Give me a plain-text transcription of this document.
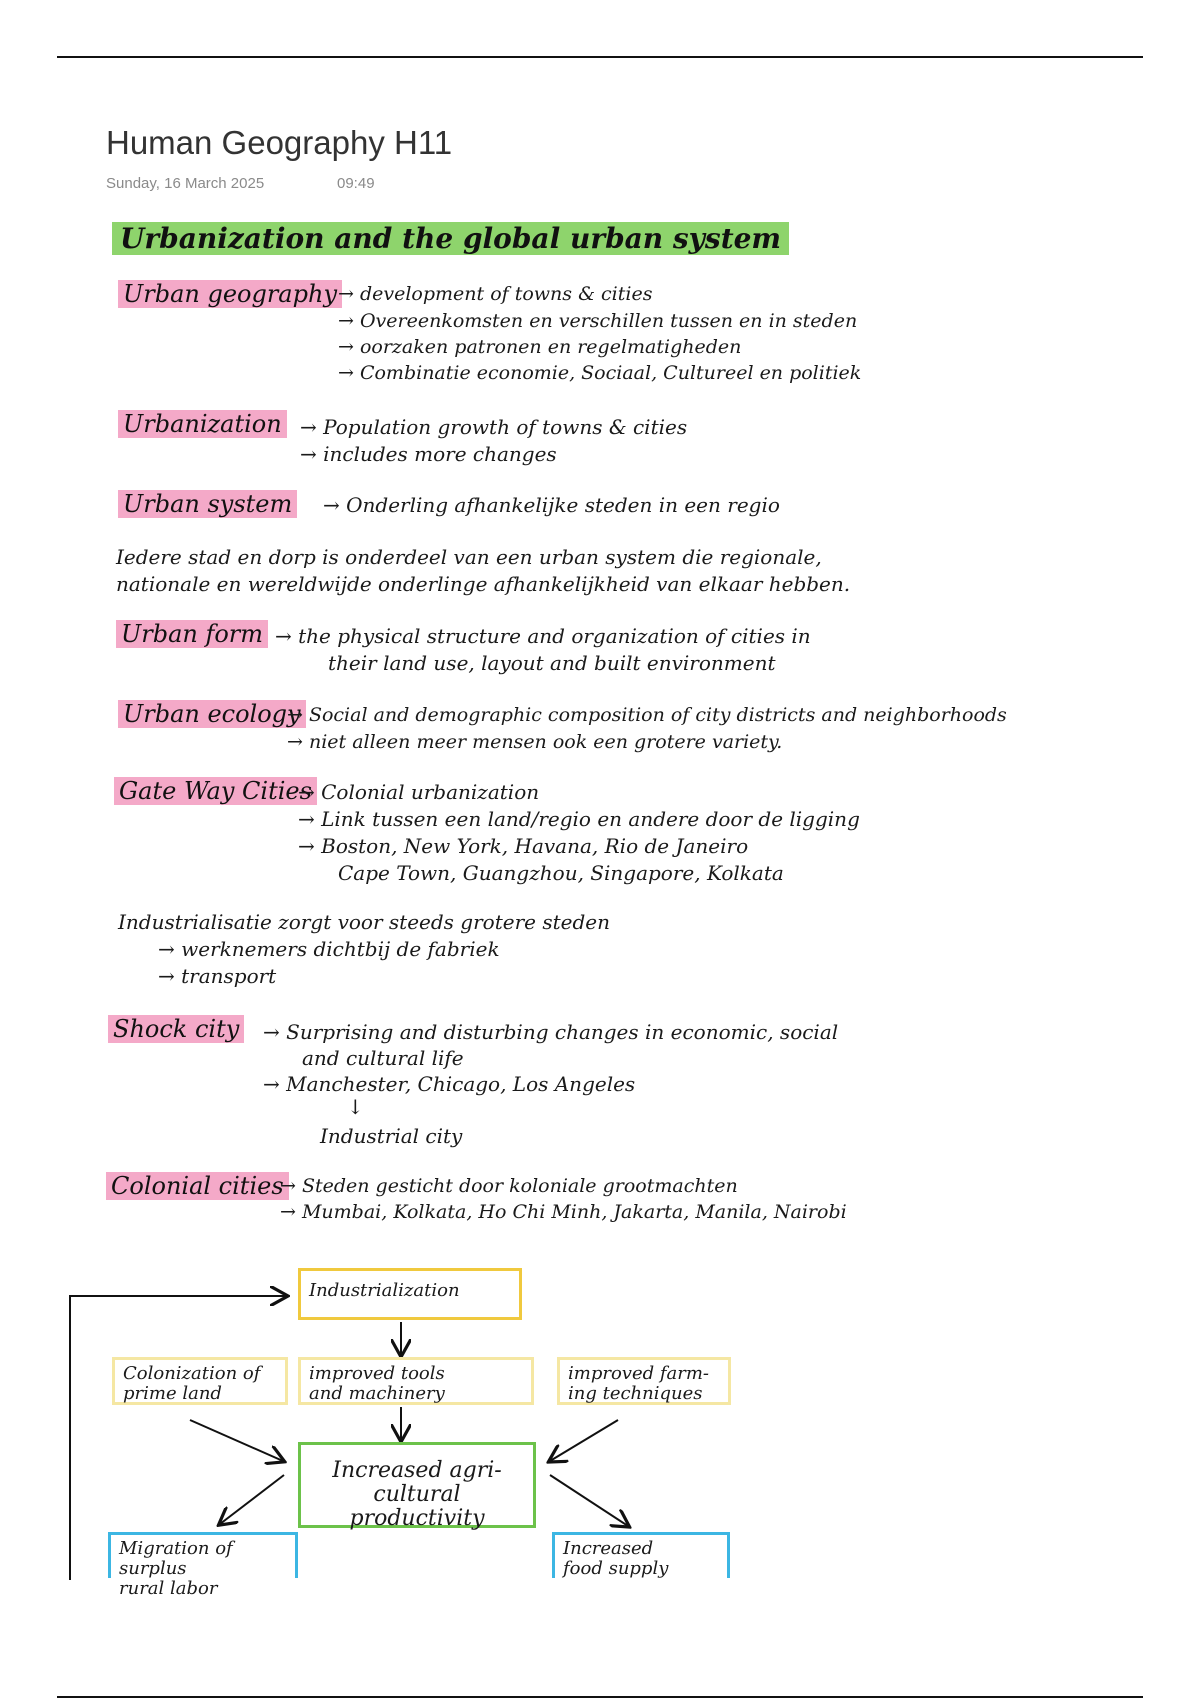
Human Geography H11
Sunday, 16 March 2025	09:49
Urbanization and the global urban system
Urban geography → development of towns & cities
→ Overeenkomsten en verschillen tussen en in steden
→ oorzaken patronen en regelmatigheden
→ Combinatie economie, Sociaal, Cultureel en politiek
Urbanization → Population growth of towns & cities
→ includes more changes
Urban system → Onderling afhankelijke steden in een regio
Iedere stad en dorp is onderdeel van een urban system die regionale,
nationale en wereldwijde onderlinge afhankelijkheid van elkaar hebben.
Urban form → the physical structure and organization of cities in
their land use, layout and built environment
Urban ecology
→ Social and demographic composition of city districts and neighborhoods
→ niet alleen meer mensen ook een grotere variety.
Gate Way Cities
→ Colonial urbanization
→ Link tussen een land/regio en andere door de ligging
→ Boston, New York, Havana, Rio de Janeiro
Cape Town, Guangzhou, Singapore, Kolkata
Industrialisatie zorgt voor steeds grotere steden
→ werknemers dichtbij de fabriek
→ transport
Shock city → Surprising and disturbing changes in economic, social
and cultural life
→ Manchester, Chicago, Los Angeles
↓
Industrial city
Colonial cities
→ Steden gesticht door koloniale grootmachten
→ Mumbai, Kolkata, Ho Chi Minh, Jakarta, Manila, Nairobi
Industrialization
Colonization of
prime land
improved tools
and machinery
improved farm-
ing techniques
Increased agri-
cultural productivity
Migration of surplus
rural labor
Increased
food supply
